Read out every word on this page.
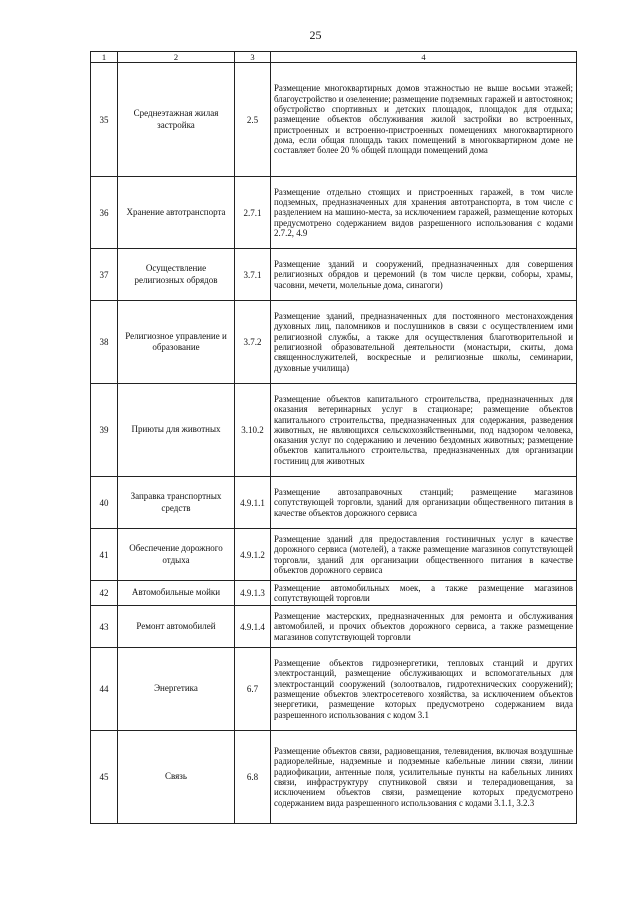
25
1	2	3	4
35	Среднеэтажная жилая застройка	2.5	Размещение многоквартирных домов этажностью не выше восьми этажей; благоустройство и озеленение; размещение подземных гаражей и автостоянок; обустройство спортивных и детских площадок, площадок для отдыха; размещение объектов обслуживания жилой застройки во встроенных, пристроенных и встроенно-пристроенных помещениях многоквартирного дома, если общая площадь таких помещений в многоквартирном доме не составляет более 20 % общей площади помещений дома
36	Хранение автотранспорта	2.7.1	Размещение отдельно стоящих и пристроенных гаражей, в том числе подземных, предназначенных для хранения автотранспорта, в том числе с разделением на машино-места, за исключением гаражей, размещение которых предусмотрено содержанием видов разрешенного использования с кодами 2.7.2, 4.9
37	Осуществление религиозных обрядов	3.7.1	Размещение зданий и сооружений, предназначенных для совершения религиозных обрядов и церемоний (в том числе церкви, соборы, храмы, часовни, мечети, молельные дома, синагоги)
38	Религиозное управление и образование	3.7.2	Размещение зданий, предназначенных для постоянного местонахождения духовных лиц, паломников и послушников в связи с осуществлением ими религиозной службы, а также для осуществления благотворительной и религиозной образовательной деятельности (монастыри, скиты, дома священнослужителей, воскресные и религиозные школы, семинарии, духовные училища)
39	Приюты для животных	3.10.2	Размещение объектов капитального строительства, предназначенных для оказания ветеринарных услуг в стационаре; размещение объектов капитального строительства, предназначенных для содержания, разведения животных, не являющихся сельскохозяйственными, под надзором человека, оказания услуг по содержанию и лечению бездомных животных; размещение объектов капитального строительства, предназначенных для организации гостиниц для животных
40	Заправка транспортных средств	4.9.1.1	Размещение автозаправочных станций; размещение магазинов сопутствующей торговли, зданий для организации общественного питания в качестве объектов дорожного сервиса
41	Обеспечение дорожного отдыха	4.9.1.2	Размещение зданий для предоставления гостиничных услуг в качестве дорожного сервиса (мотелей), а также размещение магазинов сопутствующей торговли, зданий для организации общественного питания в качестве объектов дорожного сервиса
42	Автомобильные мойки	4.9.1.3	Размещение автомобильных моек, а также размещение магазинов сопутствующей торговли
43	Ремонт автомобилей	4.9.1.4	Размещение мастерских, предназначенных для ремонта и обслуживания автомобилей, и прочих объектов дорожного сервиса, а также размещение магазинов сопутствующей торговли
44	Энергетика	6.7	Размещение объектов гидроэнергетики, тепловых станций и других электростанций, размещение обслуживающих и вспомогательных для электростанций сооружений (золоотвалов, гидротехнических сооружений); размещение объектов электросетевого хозяйства, за исключением объектов энергетики, размещение которых предусмотрено содержанием вида разрешенного использования с кодом 3.1
45	Связь	6.8	Размещение объектов связи, радиовещания, телевидения, включая воздушные радиорелейные, надземные и подземные кабельные линии связи, линии радиофикации, антенные поля, усилительные пункты на кабельных линиях связи, инфраструктуру спутниковой связи и телерадиовещания, за исключением объектов связи, размещение которых предусмотрено содержанием вида разрешенного использования с кодами 3.1.1, 3.2.3
